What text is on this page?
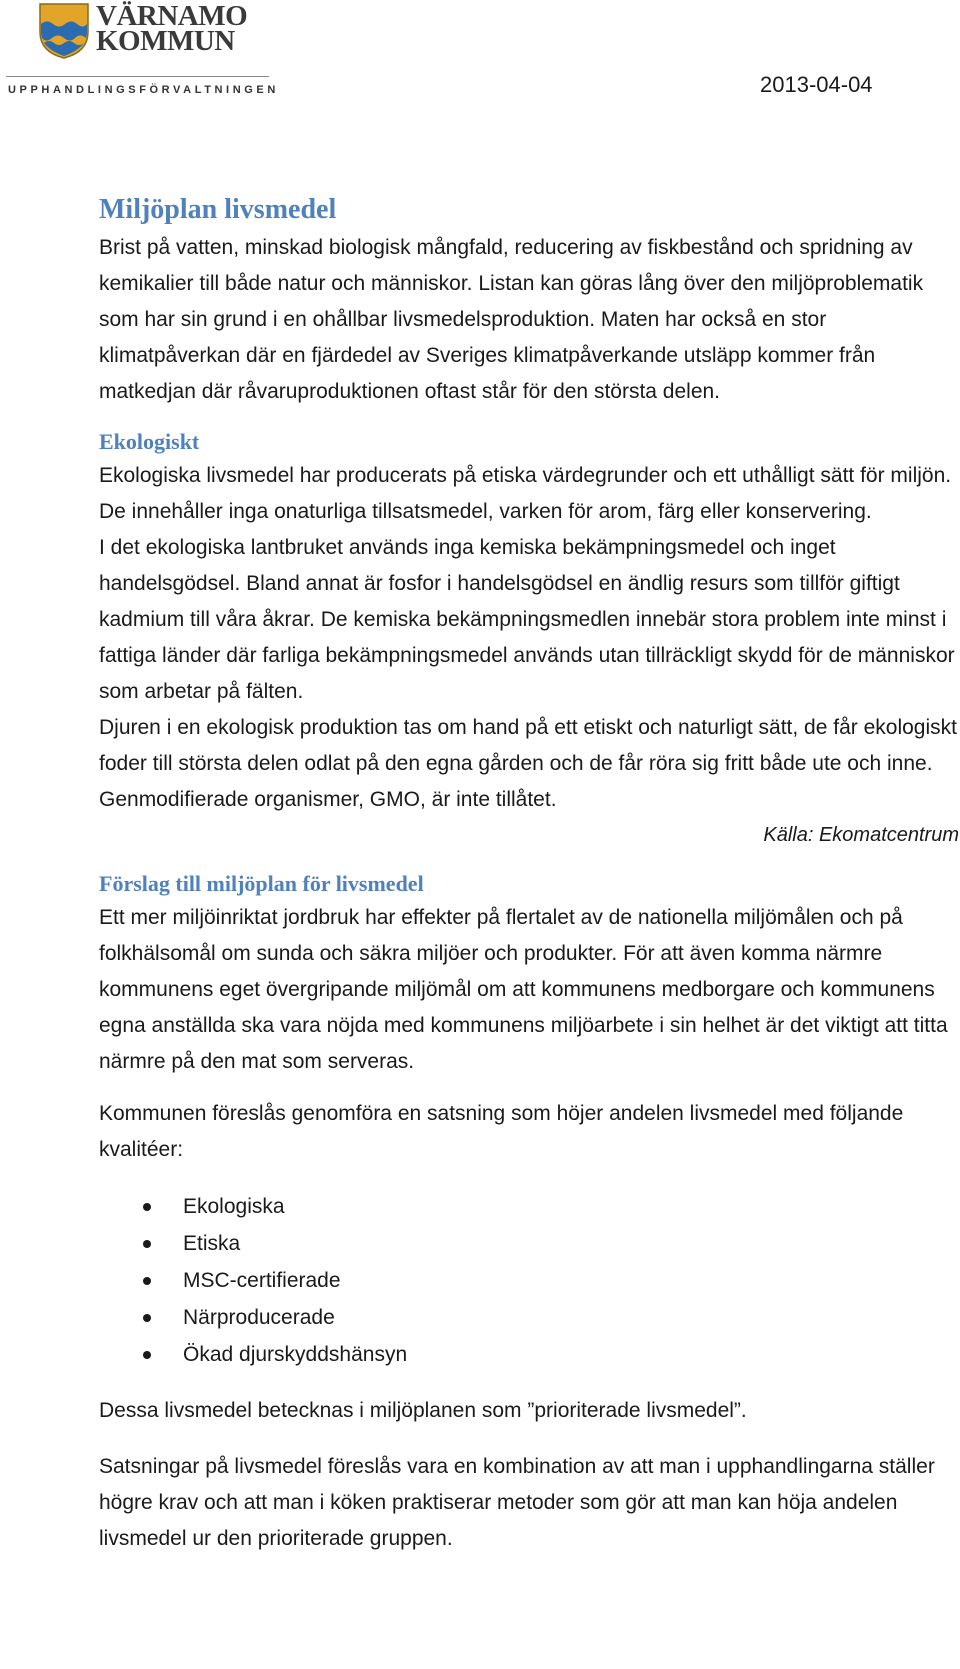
VÄRNAMO
KOMMUN
UPPHANDLINGSFÖRVALTNINGEN	2013-04-04
Miljöplan livsmedel

Brist på vatten, minskad biologisk mångfald, reducering av fiskbestånd och spridning av kemikalier till både natur och människor. Listan kan göras lång över den miljöproblematik som har sin grund i en ohållbar livsmedelsproduktion. Maten har också en stor klimatpåverkan där en fjärdedel av Sveriges klimatpåverkande utsläpp kommer från matkedjan där råvaruproduktionen oftast står för den största delen.

Ekologiskt

Ekologiska livsmedel har producerats på etiska värdegrunder och ett uthålligt sätt för miljön. De innehåller inga onaturliga tillsatsmedel, varken för arom, färg eller konservering.

I det ekologiska lantbruket används inga kemiska bekämpningsmedel och inget handelsgödsel. Bland annat är fosfor i handelsgödsel en ändlig resurs som tillför giftigt kadmium till våra åkrar. De kemiska bekämpningsmedlen innebär stora problem inte minst i fattiga länder där farliga bekämpningsmedel används utan tillräckligt skydd för de människor som arbetar på fälten.

Djuren i en ekologisk produktion tas om hand på ett etiskt och naturligt sätt, de får ekologiskt foder till största delen odlat på den egna gården och de får röra sig fritt både ute och inne. Genmodifierade organismer, GMO, är inte tillåtet.

Källa: Ekomatcentrum
Förslag till miljöplan för livsmedel

Ett mer miljöinriktat jordbruk har effekter på flertalet av de nationella miljömålen och på folkhälsomål om sunda och säkra miljöer och produkter. För att även komma närmre kommunens eget övergripande miljömål om att kommunens medborgare och kommunens egna anställda ska vara nöjda med kommunens miljöarbete i sin helhet är det viktigt att titta närmre på den mat som serveras.

Kommunen föreslås genomföra en satsning som höjer andelen livsmedel med följande kvalitéer:

Ekologiska
Etiska
MSC-certifierade
Närproducerade
Ökad djurskyddshänsyn

Dessa livsmedel betecknas i miljöplanen som ”prioriterade livsmedel”.

Satsningar på livsmedel föreslås vara en kombination av att man i upphandlingarna ställer högre krav och att man i köken praktiserar metoder som gör att man kan höja andelen livsmedel ur den prioriterade gruppen.
